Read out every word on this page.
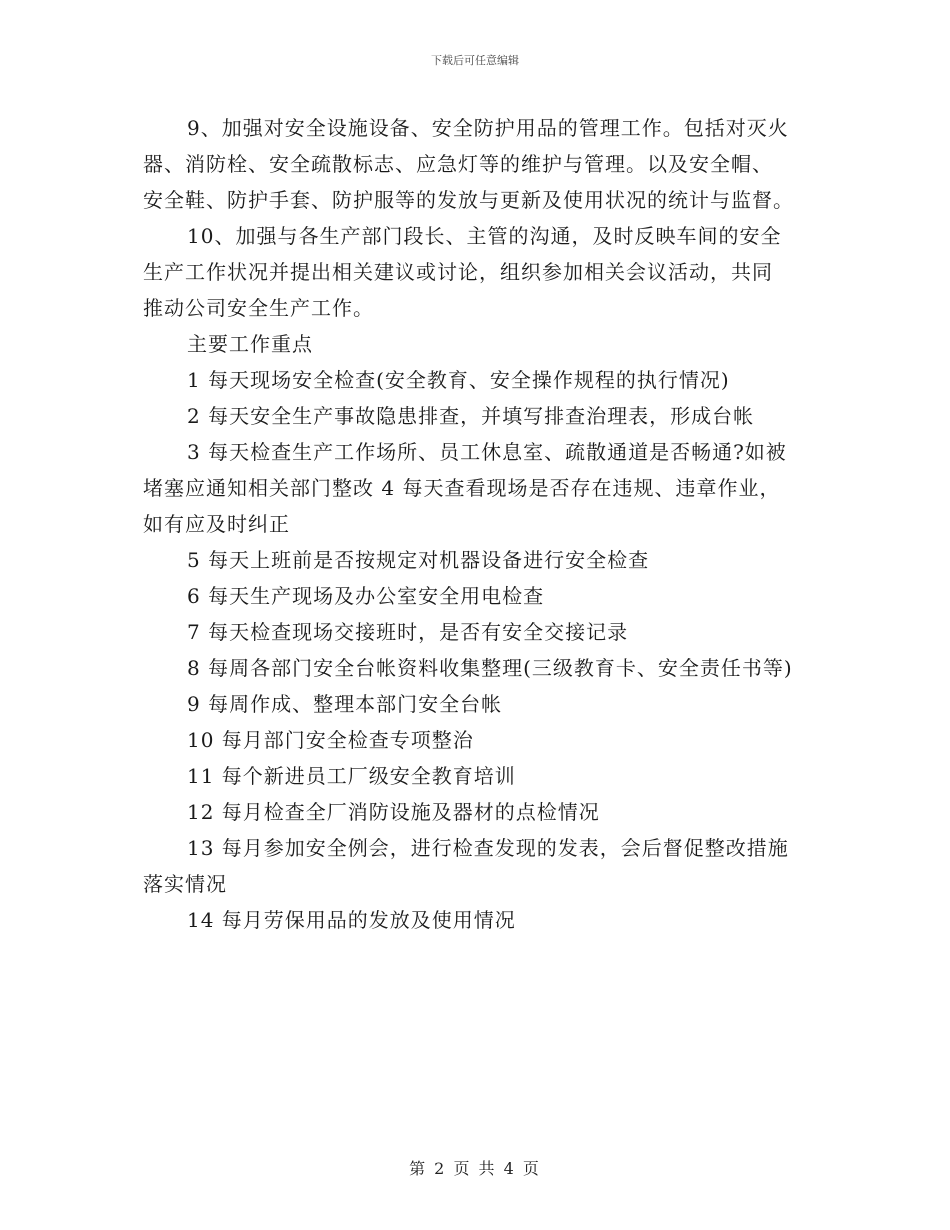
下载后可任意编辑

9、加强对安全设施设备、安全防护用品的管理工作。包括对灭火

器、消防栓、安全疏散标志、应急灯等的维护与管理。以及安全帽、

安全鞋、防护手套、防护服等的发放与更新及使用状况的统计与监督。

10、加强与各生产部门段长、主管的沟通，及时反映车间的安全

生产工作状况并提出相关建议或讨论，组织参加相关会议活动，共同

推动公司安全生产工作。

主要工作重点

1 每天现场安全检查(安全教育、安全操作规程的执行情况)

2 每天安全生产事故隐患排查，并填写排查治理表，形成台帐

3 每天检查生产工作场所、员工休息室、疏散通道是否畅通?如被

堵塞应通知相关部门整改 4 每天查看现场是否存在违规、违章作业，

如有应及时纠正

5 每天上班前是否按规定对机器设备进行安全检查

6 每天生产现场及办公室安全用电检查

7 每天检查现场交接班时，是否有安全交接记录

8 每周各部门安全台帐资料收集整理(三级教育卡、安全责任书等)

9 每周作成、整理本部门安全台帐

10 每月部门安全检查专项整治

11 每个新进员工厂级安全教育培训

12 每月检查全厂消防设施及器材的点检情况

13 每月参加安全例会，进行检查发现的发表，会后督促整改措施

落实情况

14 每月劳保用品的发放及使用情况

第 2 页 共 4 页
